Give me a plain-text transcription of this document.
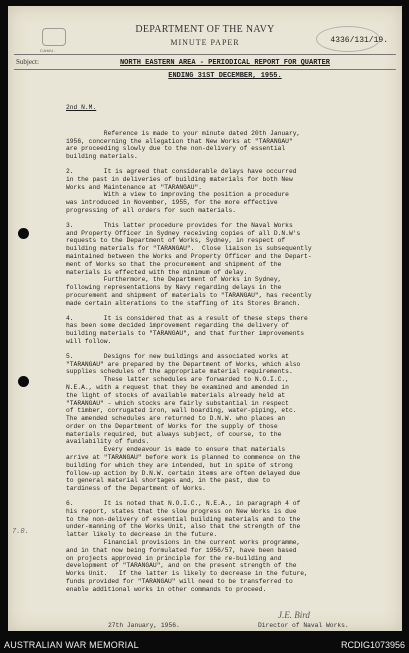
CAMU.
DEPARTMENT OF THE NAVY
MINUTE PAPER	4336/131/19.
Subject:	NORTH EASTERN AREA - PERIODICAL REPORT FOR QUARTER
ENDING 31ST DECEMBER, 1955.
2nd N.M.
Reference is made to your minute dated 20th January,
1956, concerning the allegation that New Works at "TARANGAU"
are proceeding slowly due to the non-delivery of essential
building materials.
2.        It is agreed that considerable delays have occurred
in the past in deliveries of building materials for both New
Works and Maintenance at "TARANGAU".
With a view to improving the position a procedure
was introduced in November, 1955, for the more effective
progressing of all orders for such materials.
3.        This latter procedure provides for the Naval Works
and Property Officer in Sydney receiving copies of all D.N.W's
requests to the Department of Works, Sydney, in respect of
building materials for "TARANGAU".  Close liaison is subsequently
maintained between the Works and Property Officer and the Depart-
ment of Works so that the procurement and shipment of the
materials is effected with the minimum of delay.
Furthermore, the Department of Works in Sydney,
following representations by Navy regarding delays in the
procurement and shipment of materials to "TARANGAU", has recently
made certain alterations to the staffing of its Stores Branch.
4.        It is considered that as a result of these steps there
has been some decided improvement regarding the delivery of
building materials to "TARANGAU", and that further improvements
will follow.
5.        Designs for new buildings and associated works at
"TARANGAU" are prepared by the Department of Works, which also
supplies schedules of the appropriate material requirements.
These latter schedules are forwarded to N.O.I.C.,
N.E.A., with a request that they be examined and amended in
the light of stocks of available materials already held at
"TARANGAU" - which stocks are fairly substantial in respect
of timber, corrugated iron, wall boarding, water-piping, etc.
The amended schedules are returned to D.N.W. who places an
order on the Department of Works for the supply of those
materials required, but always subject, of course, to the
availability of funds.
Every endeavour is made to ensure that materials
arrive at "TARANGAU" before work is planned to commence on the
building for which they are intended, but in spite of strong
follow-up action by D.N.W. certain items are often delayed due
to general material shortages and, in the past, due to
tardiness of the Department of Works.
6.        It is noted that N.O.I.C., N.E.A., in paragraph 4 of
his report, states that the slow progress on New Works is due
to the non-delivery of essential building materials and to the
under-manning of the Works Unit, also that the strength of the
latter likely to decrease in the future.
Financial provisions in the current works programme,
and in that now being formulated for 1956/57, have been based
on projects approved in principle for the re-building and
development of "TARANGAU", and on the present strength of the
Works Unit.   If the latter is likely to decrease in the future,
funds provided for "TARANGAU" will need to be transferred to
enable additional works in other commands to proceed.
7.0.
J.E. Bird
27th January, 1956.	Director of Naval Works.
AUSTRALIAN WAR MEMORIAL	RCDIG1073956
